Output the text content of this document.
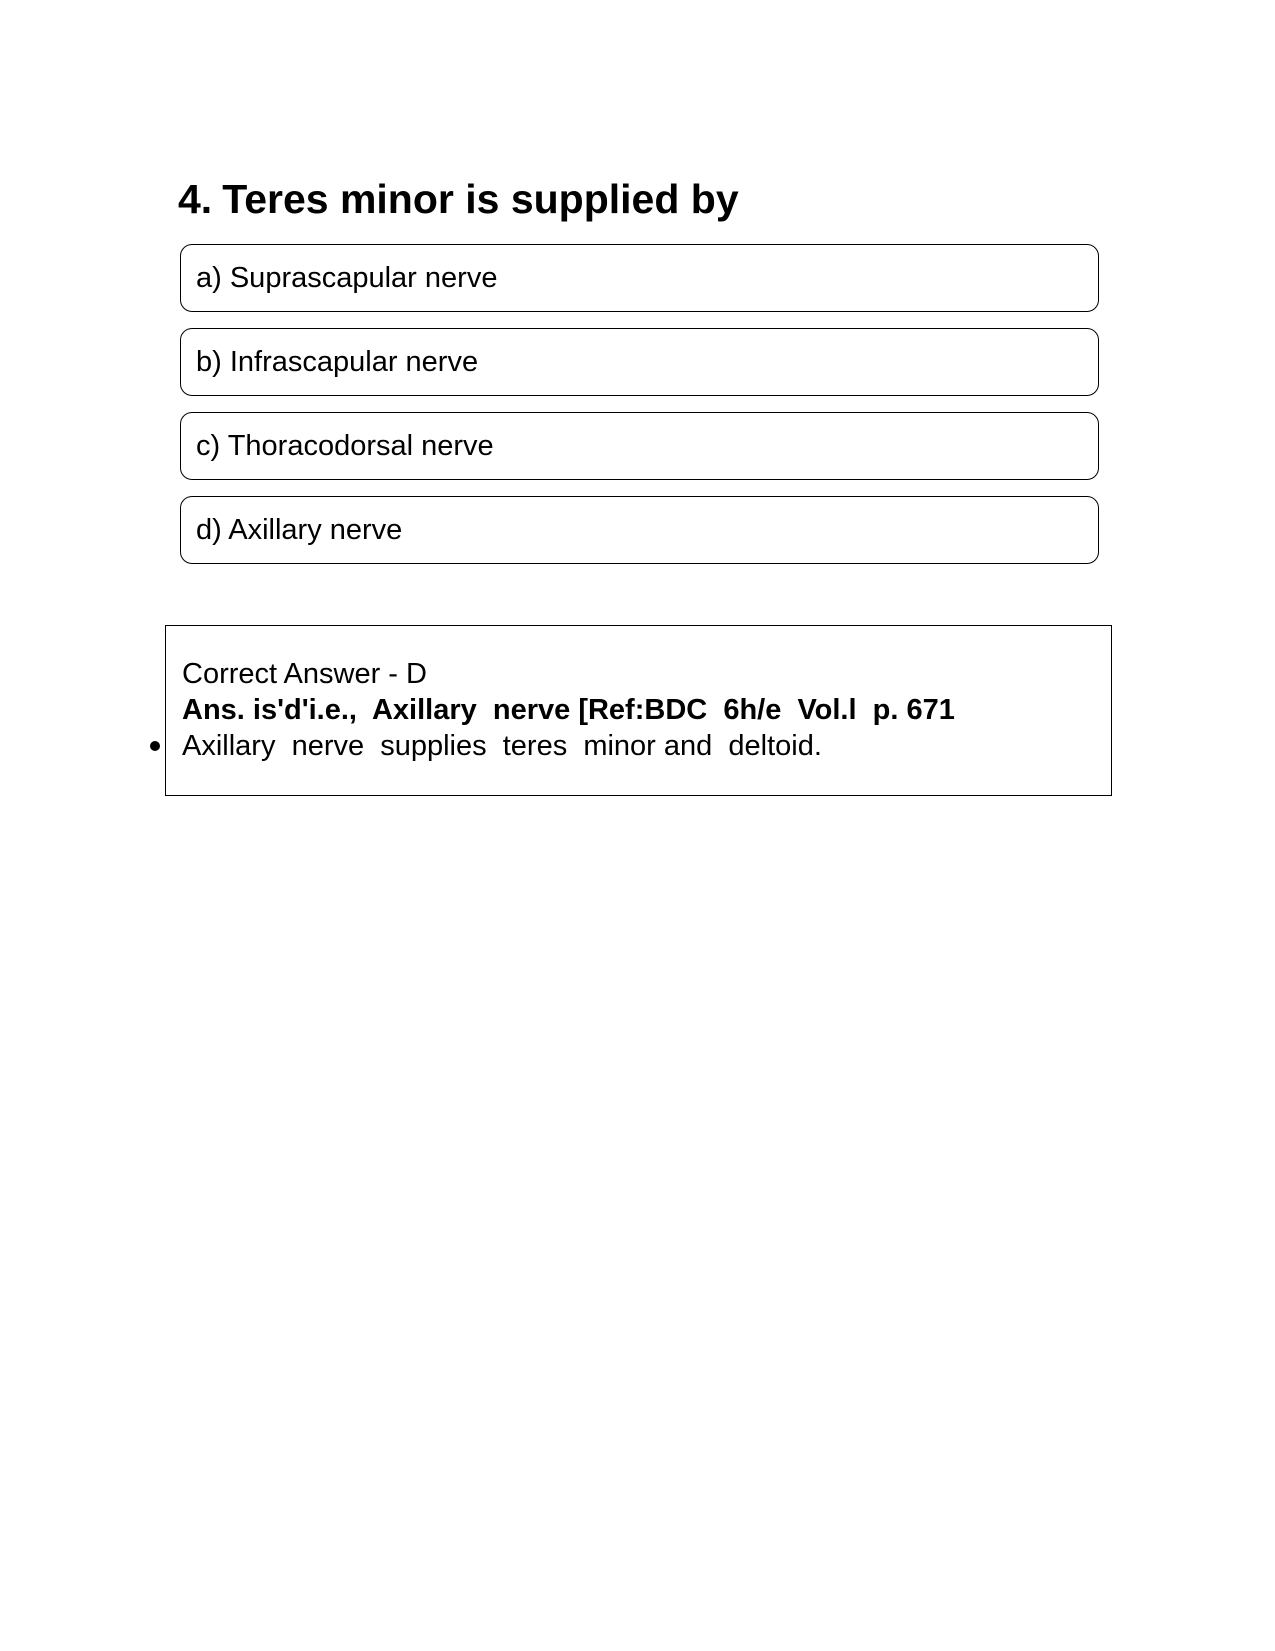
4. Teres minor is supplied by
a) Suprascapular nerve
b) Infrascapular nerve
c) Thoracodorsal nerve
d) Axillary nerve
Correct Answer - D
Ans. is'd'i.e.,  Axillary  nerve [Ref:BDC  6h/e  Vol.l  p. 671
Axillary  nerve  supplies  teres  minor and  deltoid.
